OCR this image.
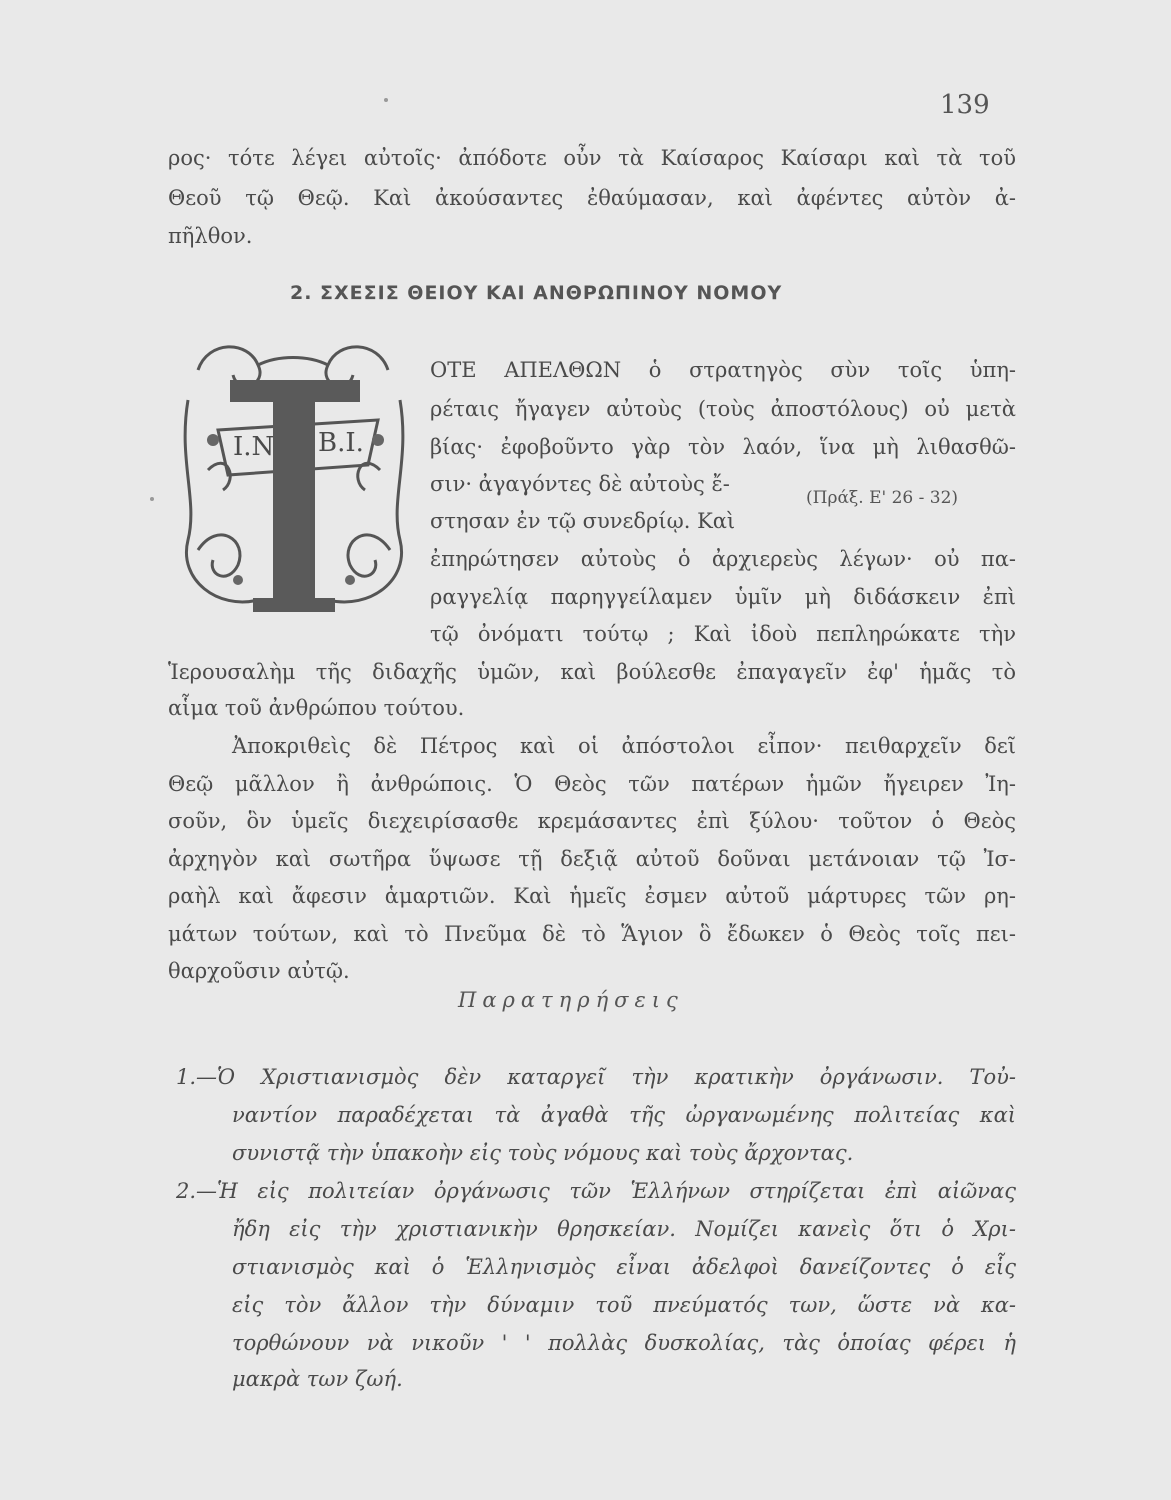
139
ρος· τότε λέγει αὐτοῖς· ἀπόδοτε οὖν τὰ Καίσαρος Καίσαρι καὶ τὰ τοῦ
Θεοῦ τῷ Θεῷ. Καὶ ἀκούσαντες ἐθαύμασαν, καὶ ἀφέντες αὐτὸν ἀ-
πῆλθον.
2. ΣΧΕΣΙΣ ΘΕΙΟΥ ΚΑΙ ΑΝΘΡΩΠΙΝΟΥ ΝΟΜΟΥ
I.N B.I.
ΟΤΕ ΑΠΕΛΘΩΝ ὁ στρατηγὸς σὺν τοῖς ὑπη-
ρέταις ἤγαγεν αὐτοὺς (τοὺς ἀποστόλους) οὐ μετὰ
βίας· ἐφοβοῦντο γὰρ τὸν λαόν, ἵνα μὴ λιθασθῶ-
σιν· ἀγαγόντες δὲ αὐτοὺς ἔ-
στησαν ἐν τῷ συνεδρίῳ. Καὶ
(Πράξ. Ε' 26 - 32)
ἐπηρώτησεν αὐτοὺς ὁ ἀρχιερεὺς λέγων· οὐ πα-
ραγγελίᾳ παρηγγείλαμεν ὑμῖν μὴ διδάσκειν ἐπὶ
τῷ ὀνόματι τούτῳ ; Καὶ ἰδοὺ πεπληρώκατε τὴν
Ἱερουσαλὴμ τῆς διδαχῆς ὑμῶν, καὶ βούλεσθε ἐπαγαγεῖν ἐφ' ἡμᾶς τὸ
αἷμα τοῦ ἀνθρώπου τούτου.
Ἀποκριθεὶς δὲ Πέτρος καὶ οἱ ἀπόστολοι εἶπον· πειθαρχεῖν δεῖ
Θεῷ μᾶλλον ἢ ἀνθρώποις. Ὁ Θεὸς τῶν πατέρων ἡμῶν ἤγειρεν Ἰη-
σοῦν, ὃν ὑμεῖς διεχειρίσασθε κρεμάσαντες ἐπὶ ξύλου· τοῦτον ὁ Θεὸς
ἀρχηγὸν καὶ σωτῆρα ὕψωσε τῇ δεξιᾷ αὐτοῦ δοῦναι μετάνοιαν τῷ Ἰσ-
ραὴλ καὶ ἄφεσιν ἁμαρτιῶν. Καὶ ἡμεῖς ἐσμεν αὐτοῦ μάρτυρες τῶν ρη-
μάτων τούτων, καὶ τὸ Πνεῦμα δὲ τὸ Ἅγιον ὃ ἔδωκεν ὁ Θεὸς τοῖς πει-
θαρχοῦσιν αὐτῷ.
Παρατηρήσεις
1.—Ὁ Χριστιανισμὸς δὲν καταργεῖ τὴν κρατικὴν ὀργάνωσιν. Τοὐ-
ναντίον παραδέχεται τὰ ἀγαθὰ τῆς ὠργανωμένης πολιτείας καὶ
συνιστᾷ τὴν ὑπακοὴν εἰς τοὺς νόμους καὶ τοὺς ἄρχοντας.
2.—Ἡ εἰς πολιτείαν ὀργάνωσις τῶν Ἑλλήνων στηρίζεται ἐπὶ αἰῶνας
ἤδη εἰς τὴν χριστιανικὴν θρησκείαν. Νομίζει κανεὶς ὅτι ὁ Χρι-
στιανισμὸς καὶ ὁ Ἑλληνισμὸς εἶναι ἀδελφοὶ δανείζοντες ὁ εἷς
εἰς τὸν ἄλλον τὴν δύναμιν τοῦ πνεύματός των, ὥστε νὰ κα-
τορθώνουν νὰ νικοῦν ' ' πολλὰς δυσκολίας, τὰς ὁποίας φέρει ἡ
μακρὰ των ζωή.
